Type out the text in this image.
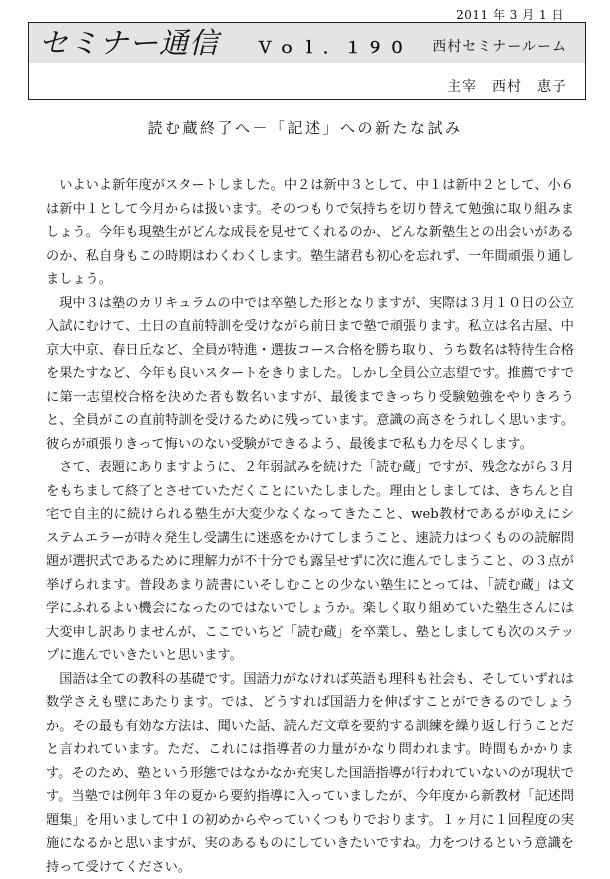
2011 年 3 月 1 日
セミナー通信 Ｖｏｌ．１９０ 西村セミナールーム
主宰　西村　恵子
読む蔵終了へ－「記述」への新たな試み

いよいよ新年度がスタートしました。中２は新中３として、中１は新中２として、小６は新中１として今月からは扱います。そのつもりで気持ちを切り替えて勉強に取り組みましょう。今年も現塾生がどんな成長を見せてくれるのか、どんな新塾生との出会いがあるのか、私自身もこの時期はわくわくします。塾生諸君も初心を忘れず、一年間頑張り通しましょう。

現中３は塾のカリキュラムの中では卒塾した形となりますが、実際は３月１０日の公立入試にむけて、土日の直前特訓を受けながら前日まで塾で頑張ります。私立は名古屋、中京大中京、春日丘など、全員が特進・選抜コース合格を勝ち取り、うち数名は特待生合格を果たすなど、今年も良いスタートをきりました。しかし全員公立志望です。推薦ですでに第一志望校合格を決めた者も数名いますが、最後まできっちり受験勉強をやりきろうと、全員がこの直前特訓を受けるために残っています。意識の高さをうれしく思います。彼らが頑張りきって悔いのない受験ができるよう、最後まで私も力を尽くします。

さて、表題にありますように、２年弱試みを続けた「読む蔵」ですが、残念ながら３月をもちまして終了とさせていただくことにいたしました。理由としましては、きちんと自宅で自主的に続けられる塾生が大変少なくなってきたこと、web教材であるがゆえにシステムエラーが時々発生し受講生に迷惑をかけてしまうこと、速読力はつくものの読解問題が選択式であるために理解力が不十分でも露呈せずに次に進んでしまうこと、の３点が挙げられます。普段あまり読書にいそしむことの少ない塾生にとっては、「読む蔵」は文学にふれるよい機会になったのではないでしょうか。楽しく取り組めていた塾生さんには大変申し訳ありませんが、ここでいちど「読む蔵」を卒業し、塾としましても次のステップに進んでいきたいと思います。

国語は全ての教科の基礎です。国語力がなければ英語も理科も社会も、そしていずれは数学さえも壁にあたります。では、どうすれば国語力を伸ばすことができるのでしょうか。その最も有効な方法は、聞いた話、読んだ文章を要約する訓練を繰り返し行うことだと言われています。ただ、これには指導者の力量がかなり問われます。時間もかかります。そのため、塾という形態ではなかなか充実した国語指導が行われていないのが現状です。当塾では例年３年の夏から要約指導に入っていましたが、今年度から新教材「記述問題集」を用いまして中１の初めからやっていくつもりでおります。１ヶ月に１回程度の実施になるかと思いますが、実のあるものにしていきたいですね。力をつけるという意識を持って受けてください。
